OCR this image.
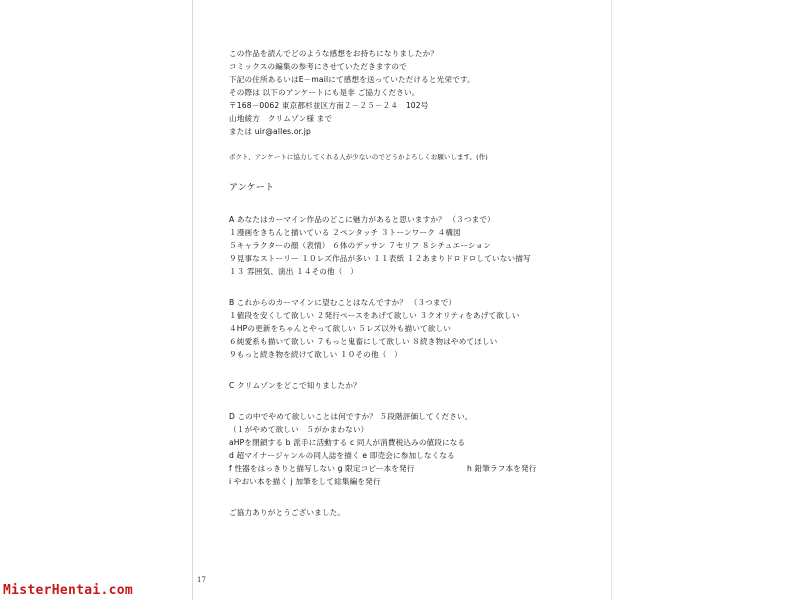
この作品を読んでどのような感想をお持ちになりましたか？
コミックスの編集の参考にさせていただきますので
下記の住所あるいはE－mailにて感想を送っていただけると光栄です。
その際は 以下のアンケートにも是非 ご協力ください。
〒168－0062 東京都杉並区方南２－２５－２４　102号
山地綾方　クリムゾン様 まで
または uir@alles.or.jp
ボクト、アンケートに協力してくれる人が少ないのでどうかよろしくお願いします。(作)
アンケート
A あなたはカーマイン作品のどこに魅力があると思いますか？ （３つまで）
１漫画をきちんと描いている ２ペンタッチ ３トーンワーク ４構図
５キャラクターの顔（表情） ６体のデッサン ７セリフ ８シチュエーション
９見事なストーリー １０レズ作品が多い １１表紙 １２あまりドロドロしていない描写
１３ 雰囲気、演出 １４その他（　）
B これからのカーマインに望むことはなんですか？ （３つまで）
１値段を安くして欲しい ２発行ペースをあげて欲しい ３クオリティをあげて欲しい
４HPの更新をちゃんとやって欲しい ５レズ以外も描いて欲しい
６純愛系も描いて欲しい ７もっと鬼畜にして欲しい ８続き物はやめてほしい
９もっと続き物を続けて欲しい １０その他（　）
C クリムゾンをどこで知りましたか？
D この中でやめて欲しいことは何ですか？ ５段階評価してください。
（１がやめて欲しい　５がかまわない）
aHPを閉鎖する b 派手に活動する c 同人が消費税込みの値段になる
d 超マイナージャンルの同人誌を描く e 即売会に参加しなくなる
f 性器をはっきりと描写しない g 限定コピー本を発行	h 鉛筆ラフ本を発行
i やおい本を描く j 加筆をして総集編を発行
ご協力ありがとうございました。
17
MisterHentai.com
